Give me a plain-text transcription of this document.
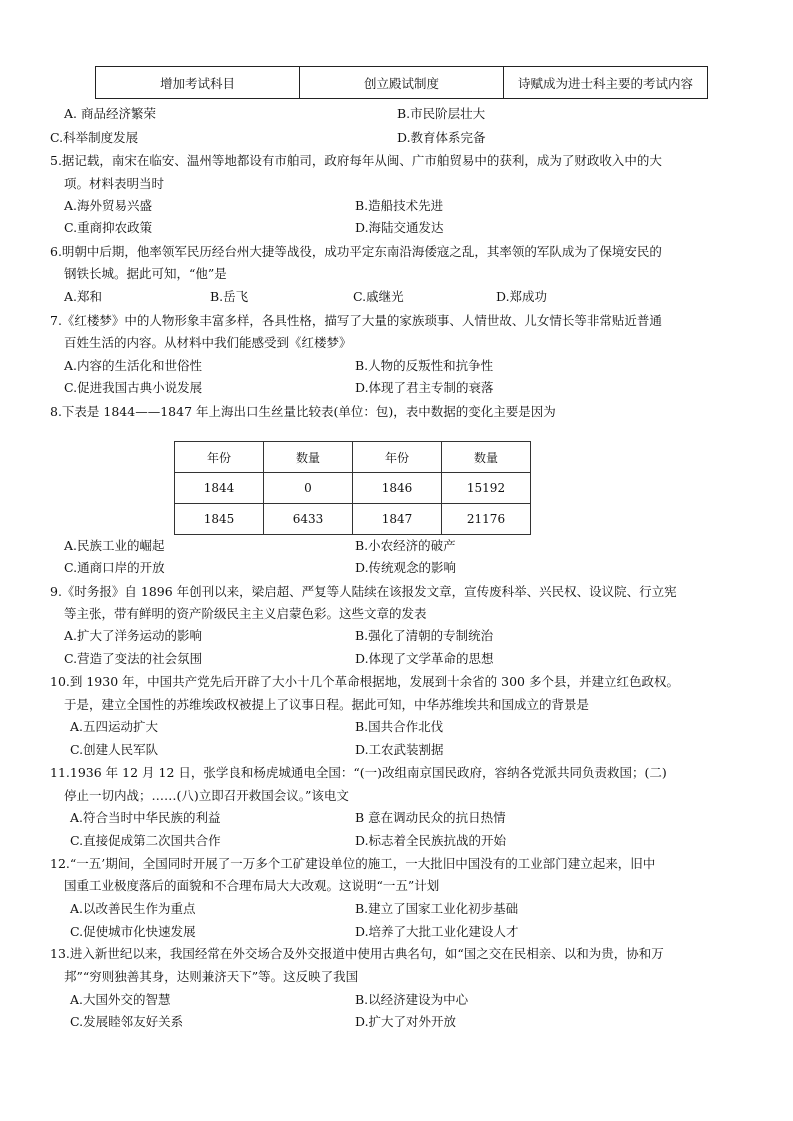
增加考试科目	创立殿试制度	诗赋成为进士科主要的考试内容
A. 商品经济繁荣	B.市民阶层壮大
C.科举制度发展	D.教育体系完备
5.据记载，南宋在临安、温州等地都设有市舶司，政府每年从闽、广市舶贸易中的获利，成为了财政收入中的大
项。材料表明当时
A.海外贸易兴盛	B.造船技术先进
C.重商抑农政策	D.海陆交通发达
6.明朝中后期，他率领军民历经台州大捷等战役，成功平定东南沿海倭寇之乱，其率领的军队成为了保境安民的
钢铁长城。据此可知，“他”是
A.郑和	B.岳飞	C.戚继光	D.郑成功
7.《红楼梦》中的人物形象丰富多样，各具性格，描写了大量的家族琐事、人情世故、儿女情长等非常贴近普通
百姓生活的内容。从材料中我们能感受到《红楼梦》
A.内容的生活化和世俗性	B.人物的反叛性和抗争性
C.促进我国古典小说发展	D.体现了君主专制的衰落
8.下表是 1844——1847 年上海出口生丝量比较表(单位：包)，表中数据的变化主要是因为
年份	数量	年份	数量
1844	0	1846	15192
1845	6433	1847	21176
A.民族工业的崛起	B.小农经济的破产
C.通商口岸的开放	D.传统观念的影响
9.《时务报》自 1896 年创刊以来，梁启超、严复等人陆续在该报发文章，宣传废科举、兴民权、设议院、行立宪
等主张，带有鲜明的资产阶级民主主义启蒙色彩。这些文章的发表
A.扩大了洋务运动的影响	B.强化了清朝的专制统治
C.营造了变法的社会氛围	D.体现了文学革命的思想
10.到 1930 年，中国共产党先后开辟了大小十几个革命根据地，发展到十余省的 300 多个县，并建立红色政权。
于是，建立全国性的苏维埃政权被提上了议事日程。据此可知，中华苏维埃共和国成立的背景是
A.五四运动扩大	B.国共合作北伐
C.创建人民军队	D.工农武装割据
11.1936 年 12 月 12 日，张学良和杨虎城通电全国：“(一)改组南京国民政府，容纳各党派共同负责救国；(二)
停止一切内战；……(八)立即召开救国会议。”该电文
A.符合当时中华民族的利益	B 意在调动民众的抗日热情
C.直接促成第二次国共合作	D.标志着全民族抗战的开始
12.“一五’期间，全国同时开展了一万多个工矿建设单位的施工，一大批旧中国没有的工业部门建立起来，旧中
国重工业极度落后的面貌和不合理布局大大改观。这说明“一五”计划
A.以改善民生作为重点	B.建立了国家工业化初步基础
C.促使城市化快速发展	D.培养了大批工业化建设人才
13.进入新世纪以来，我国经常在外交场合及外交报道中使用古典名句，如“国之交在民相亲、以和为贵，协和万
邦”“穷则独善其身，达则兼济天下”等。这反映了我国
A.大国外交的智慧	B.以经济建设为中心
C.发展睦邻友好关系	D.扩大了对外开放
